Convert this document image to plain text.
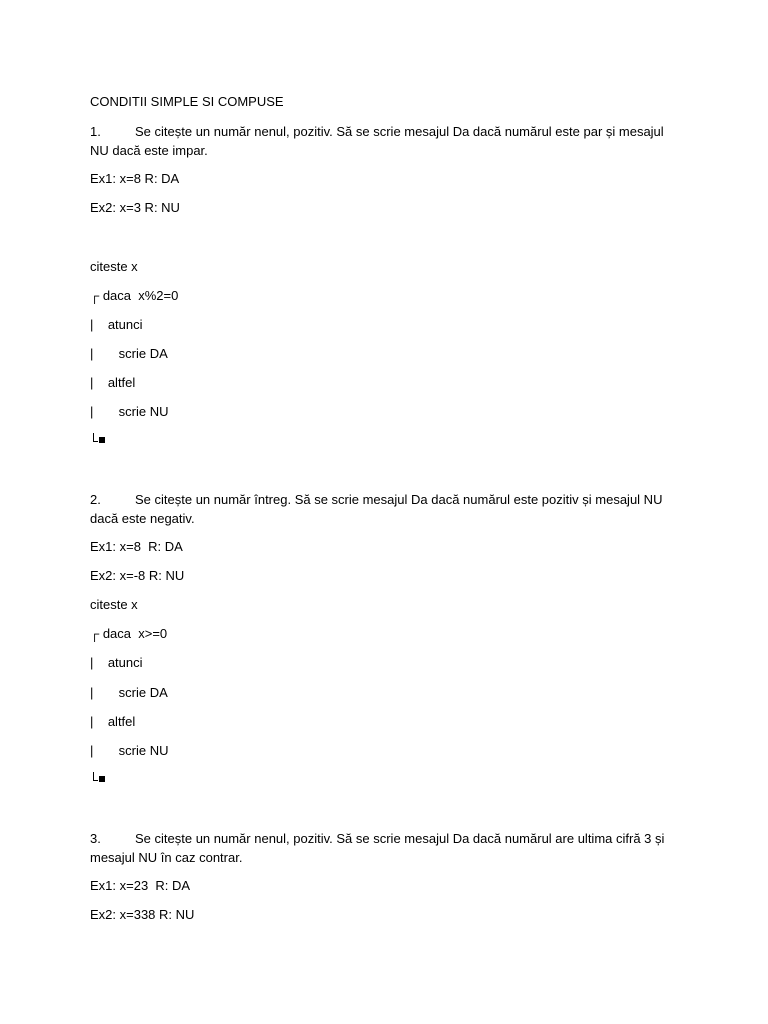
CONDITII SIMPLE SI COMPUSE
1.	Se citește un număr nenul, pozitiv. Să se scrie mesajul Da dacă numărul este par și mesajul NU dacă este impar.
Ex1: x=8 R: DA
Ex2: x=3 R: NU
citeste x
┌ daca  x%2=0
|    atunci
|       scrie DA
|    altfel
|       scrie NU
2.	Se citește un număr întreg. Să se scrie mesajul Da dacă numărul este pozitiv și mesajul NU dacă este negativ.
Ex1: x=8  R: DA
Ex2: x=-8 R: NU
citeste x
┌ daca  x>=0
|    atunci
|       scrie DA
|    altfel
|       scrie NU
3.	Se citește un număr nenul, pozitiv. Să se scrie mesajul Da dacă numărul are ultima cifră 3 și mesajul NU în caz contrar.
Ex1: x=23  R: DA
Ex2: x=338 R: NU
